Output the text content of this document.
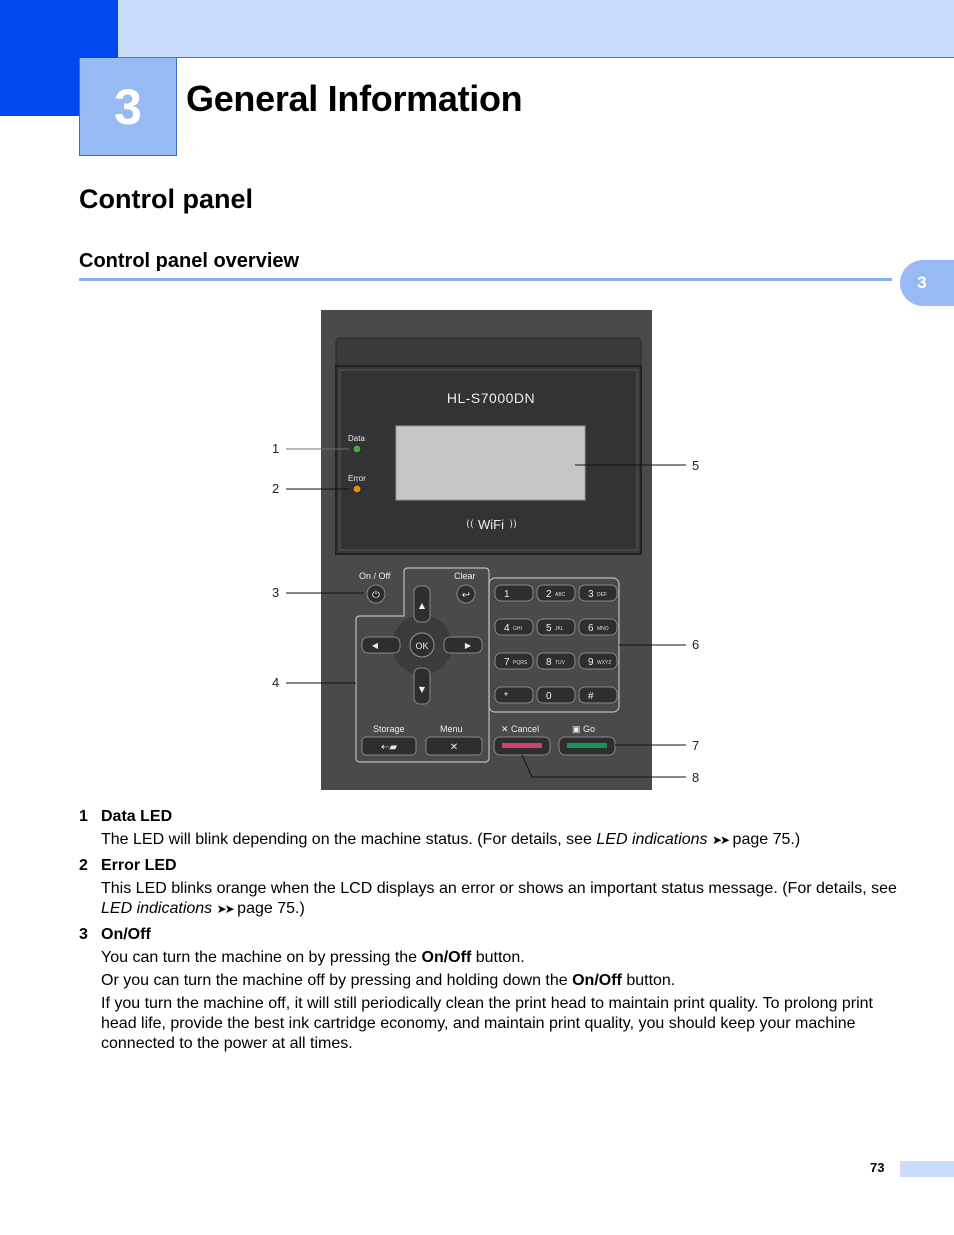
3 General Information
Control panel
Control panel overview
3
HL-S7000DN
WiFi
((	))
Data
Error
On / Off
⏻
Clear
↩
▲
▼
◀	▶
OK
Storage	Menu
⇠▰	✕
1	2 ABC 3 DEF
4 GHI 5 JKL 6 MNO
7 PQRS 8 TUV 9 WXYZ
*	0	#
✕ Cancel	▣ Go
1
2
3
4
5
6
7
8
1 Data LED

The LED will blink depending on the machine status. (For details, see LED indications ➤➤ page 75.)

2 Error LED

This LED blinks orange when the LCD displays an error or shows an important status message. (For details, see LED indications ➤➤ page 75.)

3 On/Off

You can turn the machine on by pressing the On/Off button.

Or you can turn the machine off by pressing and holding down the On/Off button.

If you turn the machine off, it will still periodically clean the print head to maintain print quality. To prolong print head life, provide the best ink cartridge economy, and maintain print quality, you should keep your machine connected to the power at all times.

73
